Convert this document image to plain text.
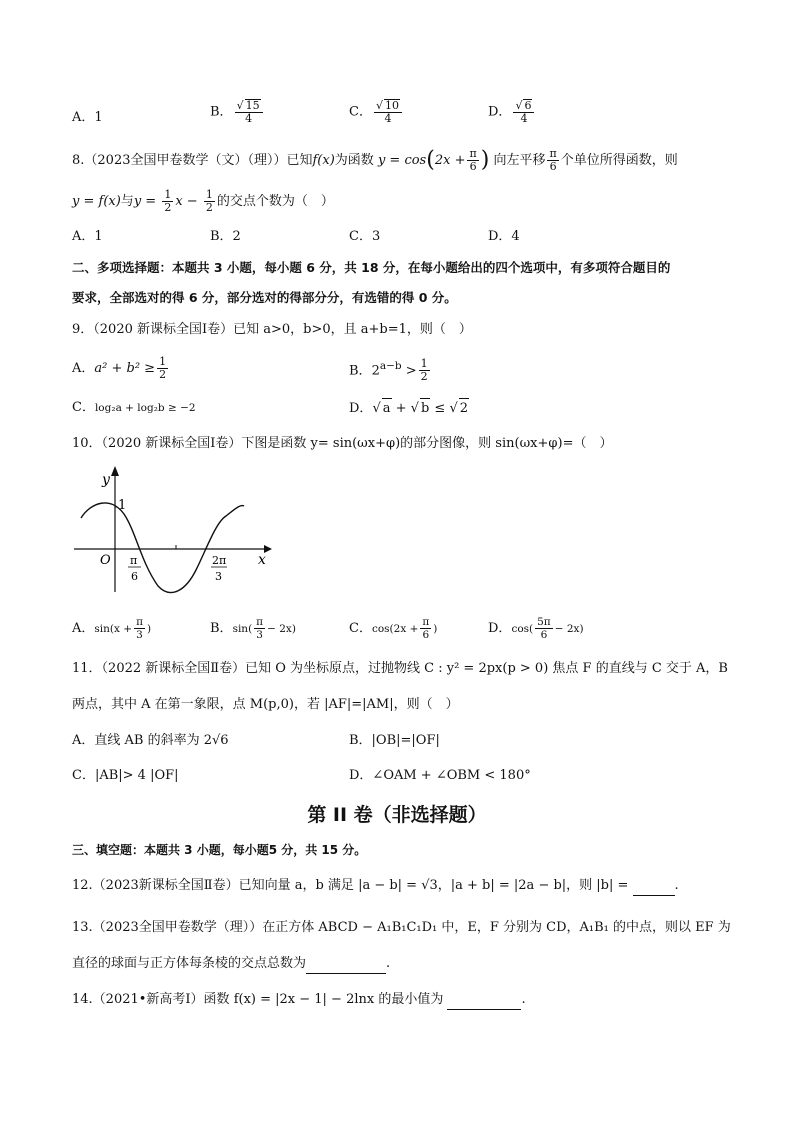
A．1	B． $\frac{√ 15}{4}$	C． $\frac{√ 10}{4}$	D． $\frac{√ 6}{4}$
8.（2023全国甲卷数学（文）（理））已知f(x)为函数 $y = \cos(2x + \frac{\pi}{6}$ ) 向左平移 $\frac{\pi}{6}$ 个单位所得函数，则
y = f(x)与$y = \frac{1}{2}$ $x - \frac{1}{2}$ 的交点个数为（　）
A．1	B．2	C．3	D．4
二、多项选择题：本题共 3 小题，每小题 6 分，共 18 分，在每小题给出的四个选项中，有多项符合题目的
要求，全部选对的得 6 分，部分选对的得部分分，有选错的得 0 分。
9．（2020 新课标全国Ⅰ卷）已知 a>0，b>0，且 a+b=1，则（　）
A．$a^2 + b^2 \ge \frac{1}{2}$	B．$2^{a-b} > \frac{1}{2}$
C．log₂a + log₂b ≥ −2	D．√ a + √ b ≤ √ 2
10．（2020 新课标全国Ⅰ卷）下图是函数 y= sin(ωx+φ)的部分图像，则 sin(ωx+φ)=（　）
y
x
O
1
π
6
2π
3
A．$\sin(x + \frac{\pi}{3}$ )	B．$\sin( \frac{\pi}{3} - 2x)$	C．$\cos(2x + \frac{\pi}{6}$ )	D．$\cos( \frac{5\pi}{6} - 2x)$
11．（2022 新课标全国Ⅱ卷）已知 O 为坐标原点，过抛物线 C : y² = 2px(p > 0) 焦点 F 的直线与 C 交于 A，B
两点，其中 A 在第一象限，点 M(p,0)，若 |AF|=|AM|，则（　）
A．直线 AB 的斜率为 2√6	B．|OB|=|OF|
C．|AB|> 4 |OF|	D．∠OAM + ∠OBM < 180°
第 II 卷（非选择题）
三、填空题：本题共 3 小题，每小题5 分，共 15 分。
12.（2023新课标全国Ⅱ卷）已知向量 a，b 满足 |a − b| = √3，|a + b| = |2a − b|，则 |b| =	.
13.（2023全国甲卷数学（理））在正方体 ABCD − A₁B₁C₁D₁ 中，E，F 分别为 CD，A₁B₁ 的中点，则以 EF 为
直径的球面与正方体每条棱的交点总数为	.
14.（2021•新高考Ⅰ）函数 f(x) = |2x − 1| − 2lnx 的最小值为	.
